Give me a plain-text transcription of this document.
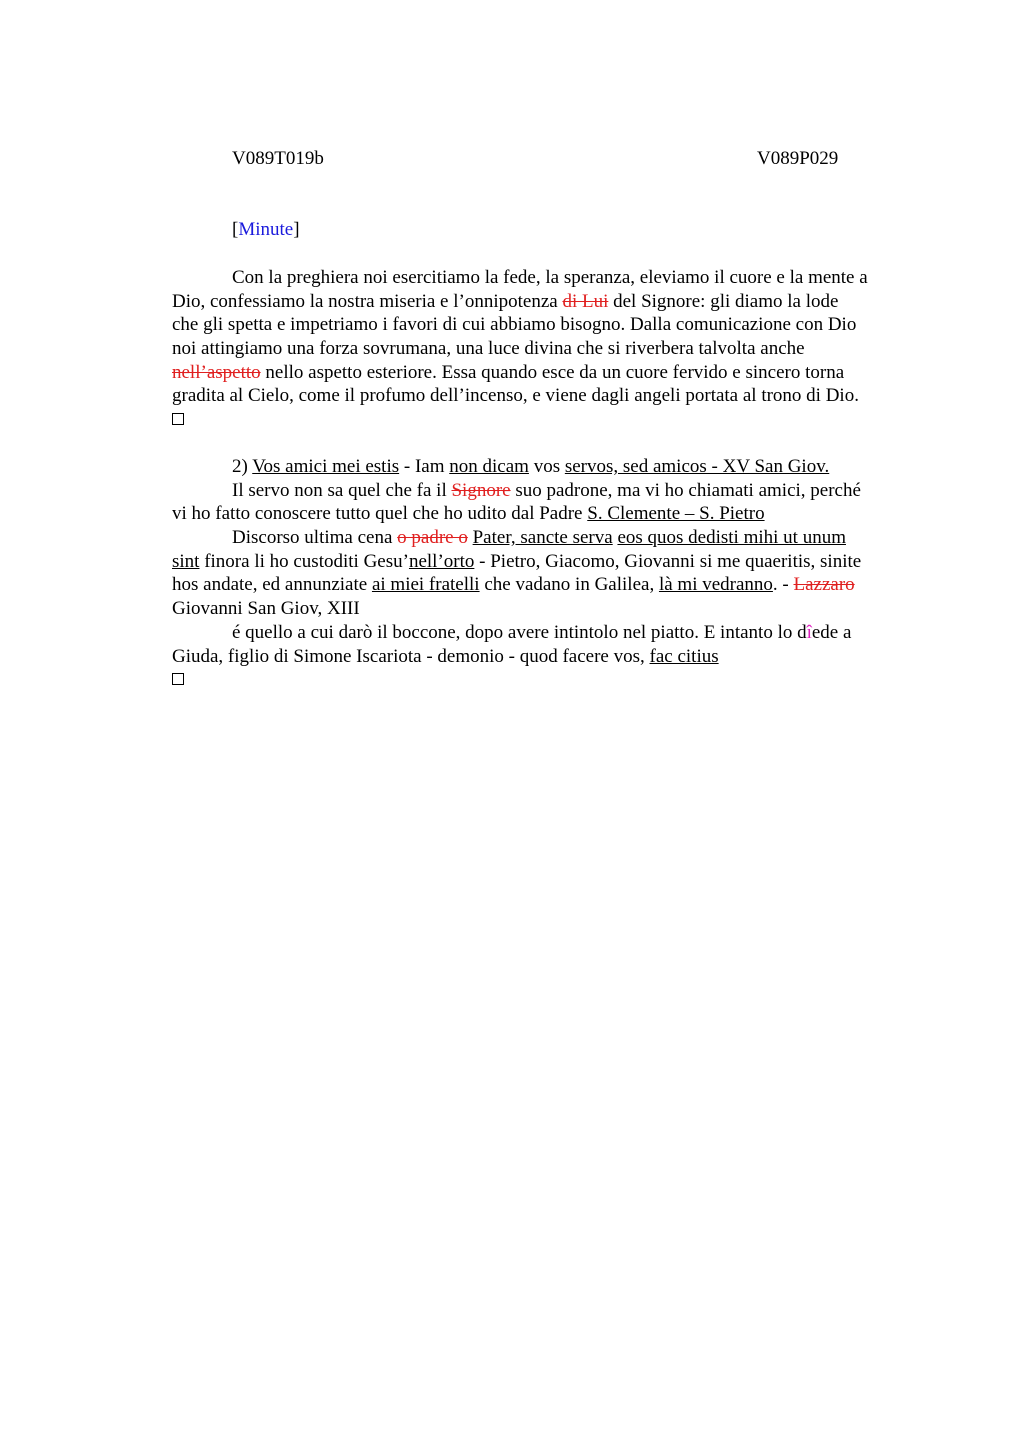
V089T019b	V089P029
[Minute]
Con la preghiera noi esercitiamo la fede, la speranza, eleviamo il cuore e la mente a
Dio, confessiamo la nostra miseria e l’onnipotenza di Lui del Signore: gli diamo la lode
che gli spetta e impetriamo i favori di cui abbiamo bisogno. Dalla comunicazione con Dio
noi attingiamo una forza sovrumana, una luce divina che si riverbera talvolta anche
nell’aspetto nello aspetto esteriore. Essa quando esce da un cuore fervido e sincero torna
gradita al Cielo, come il profumo dell’incenso, e viene dagli angeli portata al trono di Dio.
2) Vos amici mei estis - Iam non dicam vos servos, sed amicos - XV San Giov.
Il servo non sa quel che fa il Signore suo padrone, ma vi ho chiamati amici, perché
vi ho fatto conoscere tutto quel che ho udito dal Padre S. Clemente – S. Pietro
Discorso ultima cena o padre o Pater, sancte serva eos quos dedisti mihi ut unum
sint finora li ho custoditi Gesu’nell’orto - Pietro, Giacomo, Giovanni si me quaeritis, sinite
hos andate, ed annunziate ai miei fratelli che vadano in Galilea, là mi vedranno. - Lazzaro
Giovanni San Giov, XIII
é quello a cui darò il boccone, dopo avere intintolo nel piatto. E intanto lo dîede a
Giuda, figlio di Simone Iscariota - demonio - quod facere vos, fac citius
